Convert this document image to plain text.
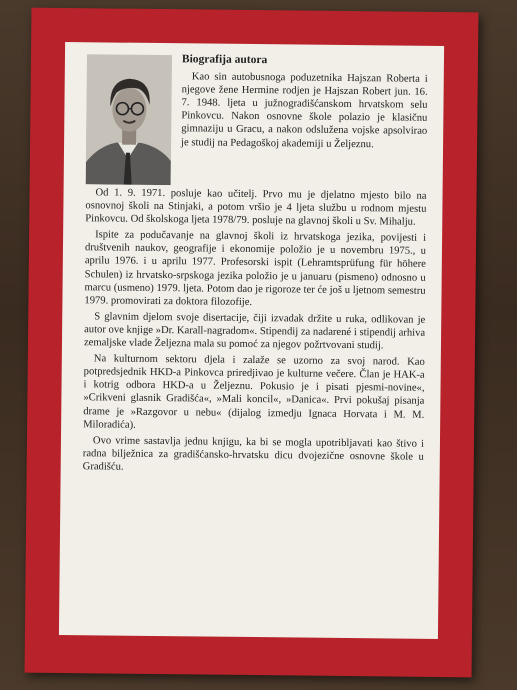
Biografija autora

Kao sin autobusnoga poduzetnika Hajszan Roberta i njegove žene Hermine rodjen je Hajszan Robert jun. 16. 7. 1948. ljeta u južnogradišćanskom hrvatskom selu Pinkovcu. Nakon osnovne škole polazio je klasičnu gimnaziju u Gracu, a nakon odslužena vojske apsolvirao je studij na Pedagoškoj akademiji u Željeznu.

Od 1. 9. 1971. posluje kao učitelj. Prvo mu je djelatno mjesto bilo na osnovnoj školi na Stinjaki, a potom vršio je 4 ljeta službu u rodnom mjestu Pinkovcu. Od školskoga ljeta 1978/79. posluje na glavnoj školi u Sv. Mihalju.

Ispite za podučavanje na glavnoj školi iz hrvatskoga jezika, povijesti i društvenih naukov, geografije i ekonomije položio je u novembru 1975., u aprilu 1976. i u aprilu 1977. Profesorski ispit (Lehramtsprüfung für höhere Schulen) iz hrvatsko-srpskoga jezika položio je u januaru (pismeno) odnosno u marcu (usmeno) 1979. ljeta. Potom dao je rigoroze ter će još u ljetnom semestru 1979. promovirati za doktora filozofije.

S glavnim djelom svoje disertacije, čiji izvadak držite u ruka, odlikovan je autor ove knjige »Dr. Karall-nagradom«. Stipendij za nadarené i stipendij arhiva zemaljske vlade Željezna mala su pomoć za njegov požrtvovani studij.

Na kulturnom sektoru djela i zalaže se uzorno za svoj narod. Kao potpredsjednik HKD-a Pinkovca priredjivao je kulturne večere. Član je HAK-a i kotrig odbora HKD-a u Željeznu. Pokusio je i pisati pjesmi-novine«, »Crikveni glasnik Gradišća«, »Mali koncil«, »Danica«. Prvi pokušaj pisanja drame je »Razgovor u nebu« (dijalog izmedju Ignaca Horvata i M. M. Miloradića).

Ovo vrime sastavlja jednu knjigu, ka bi se mogla upotribljavati kao štivo i radna bilježnica za gradišćansko-hrvatsku dicu dvojezične osnovne škole u Gradišću.
